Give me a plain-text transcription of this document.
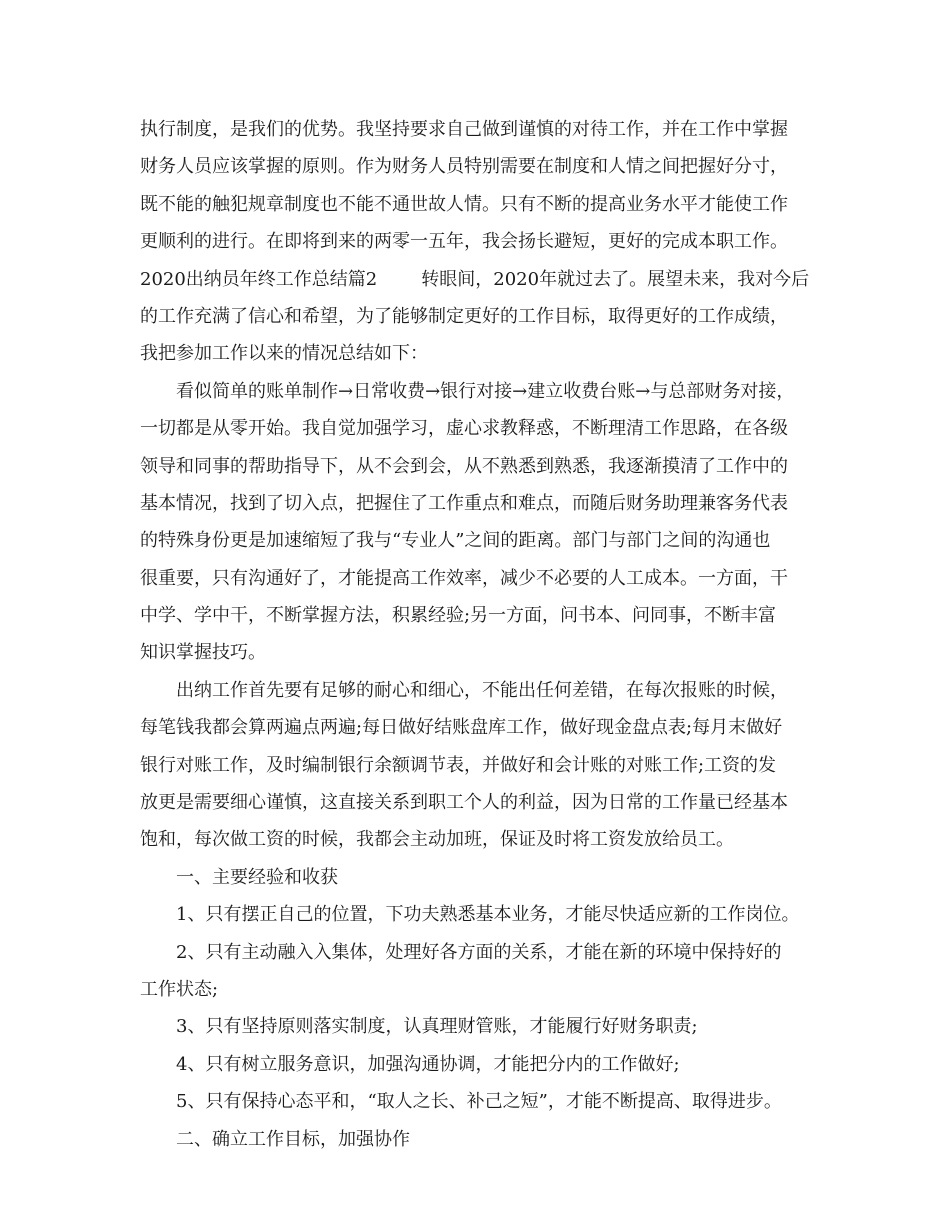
执行制度，是我们的优势。我坚持要求自己做到谨慎的对待工作，并在工作中掌握
财务人员应该掌握的原则。作为财务人员特别需要在制度和人情之间把握好分寸，
既不能的触犯规章制度也不能不通世故人情。只有不断的提高业务水平才能使工作
更顺利的进行。在即将到来的两零一五年，我会扬长避短，更好的完成本职工作。
2020出纳员年终工作总结篇2 转眼间，2020年就过去了。展望未来，我对今后
的工作充满了信心和希望，为了能够制定更好的工作目标，取得更好的工作成绩，
我把参加工作以来的情况总结如下：
看似简单的账单制作→日常收费→银行对接→建立收费台账→与总部财务对接，
一切都是从零开始。我自觉加强学习，虚心求教释惑，不断理清工作思路，在各级
领导和同事的帮助指导下，从不会到会，从不熟悉到熟悉，我逐渐摸清了工作中的
基本情况，找到了切入点，把握住了工作重点和难点，而随后财务助理兼客务代表
的特殊身份更是加速缩短了我与“专业人”之间的距离。部门与部门之间的沟通也
很重要，只有沟通好了，才能提高工作效率，减少不必要的人工成本。一方面，干
中学、学中干，不断掌握方法，积累经验;另一方面，问书本、问同事，不断丰富
知识掌握技巧。
出纳工作首先要有足够的耐心和细心，不能出任何差错，在每次报账的时候，
每笔钱我都会算两遍点两遍;每日做好结账盘库工作，做好现金盘点表;每月末做好
银行对账工作，及时编制银行余额调节表，并做好和会计账的对账工作;工资的发
放更是需要细心谨慎，这直接关系到职工个人的利益，因为日常的工作量已经基本
饱和，每次做工资的时候，我都会主动加班，保证及时将工资发放给员工。
一、主要经验和收获
1、只有摆正自己的位置，下功夫熟悉基本业务，才能尽快适应新的工作岗位。
2、只有主动融入入集体，处理好各方面的关系，才能在新的环境中保持好的
工作状态;
3、只有坚持原则落实制度，认真理财管账，才能履行好财务职责;
4、只有树立服务意识，加强沟通协调，才能把分内的工作做好;
5、只有保持心态平和，“取人之长、补己之短”，才能不断提高、取得进步。
二、确立工作目标，加强协作
